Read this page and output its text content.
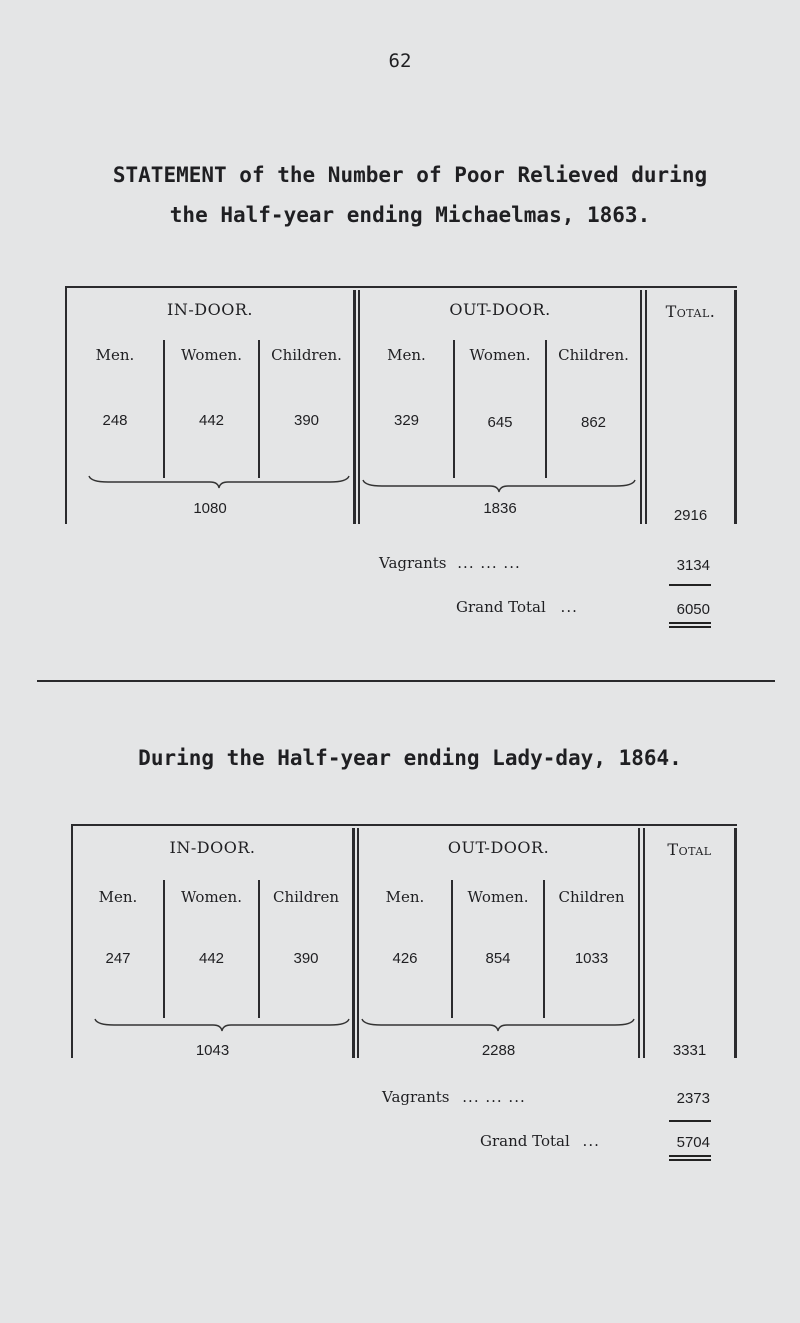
62
STATEMENT of the Number of Poor Relieved during
the Half-year ending Michaelmas, 1863.
IN-DOOR.	OUT-DOOR.	Total.
Men.	Women.	Children.	Men.	Women.	Children.
248	442	390	329	645	862
1080	1836	2916
Vagrants ... ... ...	3134
Grand Total ...	6050
During the Half-year ending Lady-day, 1864.
IN-DOOR.	OUT-DOOR.	Total
Men.	Women.	Children	Men.	Women.	Children
247	442	390	426	854	1033
1043	2288	3331
Vagrants ... ... ...	2373
Grand Total ...	5704
